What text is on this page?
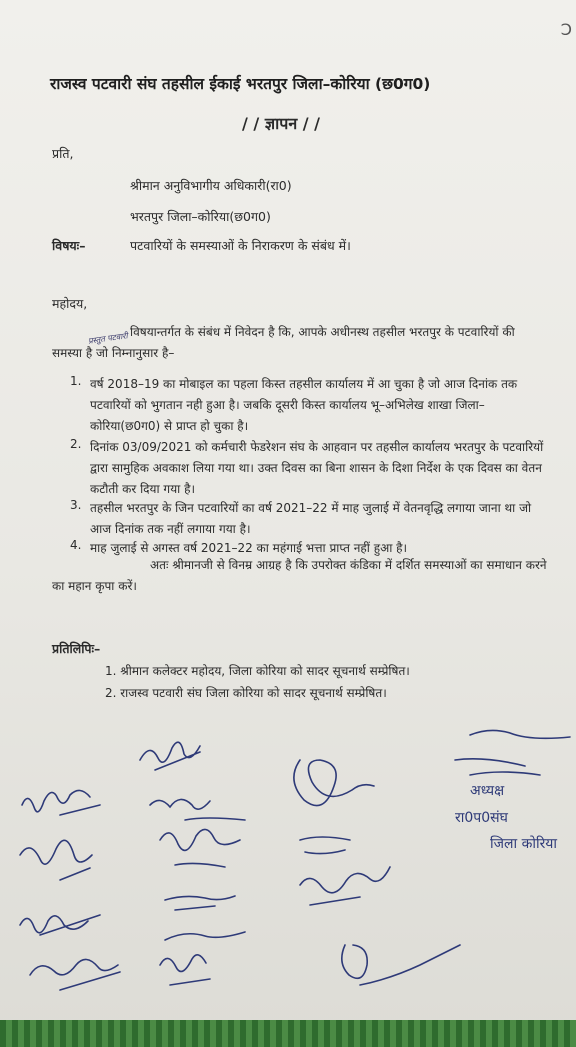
Ↄ
राजस्व पटवारी संघ तहसील ईकाई भरतपुर जिला–कोरिया (छ0ग0)
/ / ज्ञापन / /
प्रति,
श्रीमान अनुविभागीय अधिकारी(रा0)
भरतपुर जिला–कोरिया(छ0ग0)
विषयः–	पटवारियों के समस्याओं के निराकरण के संबंध में।
महोदय,
विषयान्तर्गत के संबंध में निवेदन है कि, आपके अधीनस्थ तहसील भरतपुर के पटवारियों की समस्या है जो निम्नानुसार है–
प्रस्तुत पटवारी
1. वर्ष 2018–19 का मोबाइल का पहला किस्त तहसील कार्यालय में आ चुका है जो आज दिनांक तक पटवारियों को भुगतान नही हुआ है। जबकि दूसरी किस्त कार्यालय भू–अभिलेख शाखा जिला–कोरिया(छ0ग0) से प्राप्त हो चुका है।
2. दिनांक 03/09/2021 को कर्मचारी फेडरेशन संघ के आहवान पर तहसील कार्यालय भरतपुर के पटवारियों द्वारा सामुहिक अवकाश लिया गया था। उक्त दिवस का बिना शासन के दिशा निर्देश के एक दिवस का वेतन कटौती कर दिया गया है।
3. तहसील भरतपुर के जिन पटवारियों का वर्ष 2021–22 में माह जुलाई में वेतनवृद्धि लगाया जाना था जो आज दिनांक तक नहीं लगाया गया है।
4. माह जुलाई से अगस्त वर्ष 2021–22 का महंगाई भत्ता प्राप्त नहीं हुआ है।
अतः श्रीमानजी से विनम्र आग्रह है कि उपरोक्त कंडिका में दर्शित समस्याओं का समाधान करने का महान कृपा करें।
प्रतिलिपिः–
1. श्रीमान कलेक्टर महोदय, जिला कोरिया को सादर सूचनार्थ सम्प्रेषित।
2. राजस्व पटवारी संघ जिला कोरिया को सादर सूचनार्थ सम्प्रेषित।
अध्यक्ष
रा0प0संघ
जिला कोरिया
